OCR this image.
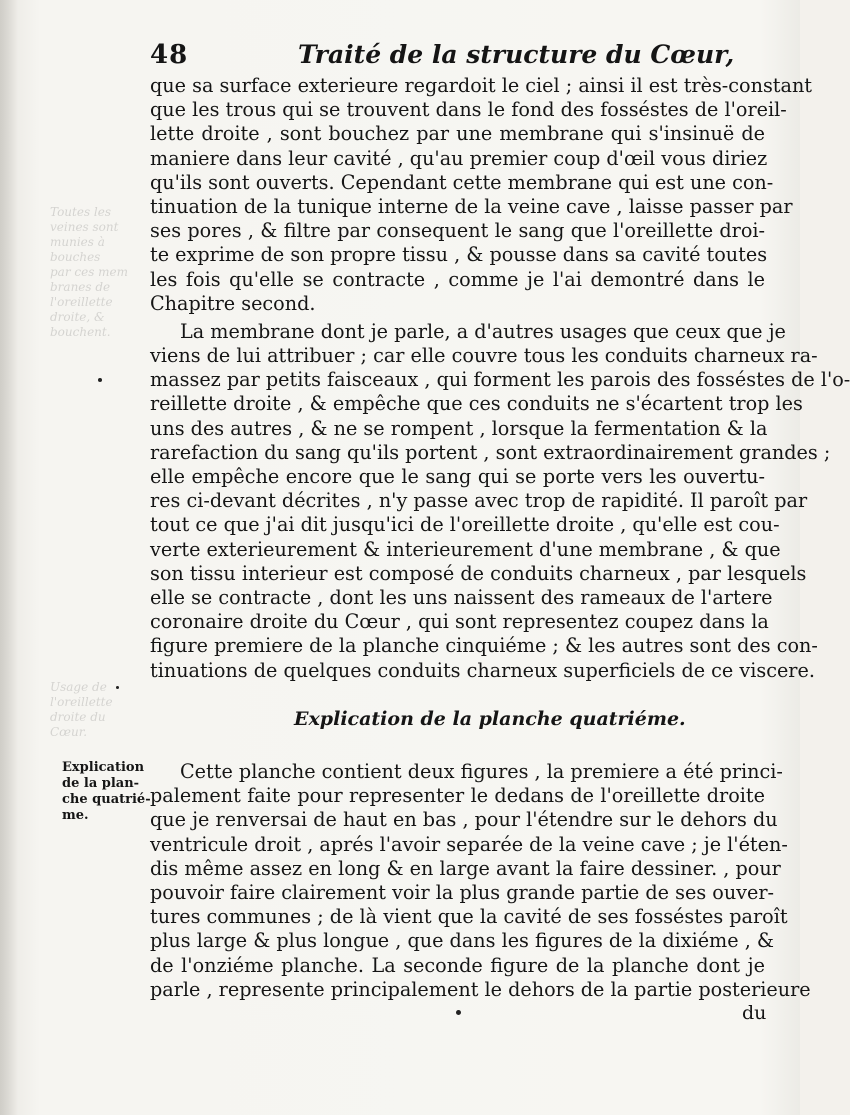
Toutes les
veines sont
munies à
bouches
par ces mem
branes de
l'oreillette
droite, &
bouchent.
Usage de
l'oreillette
droite du
Cœur.
48	Traité de la structure du Cœur,
que sa surface exterieure regardoit le ciel ; ainsi il est très-constant
que les trous qui se trouvent dans le fond des fosséstes de l'oreil-
lette droite , sont bouchez par une membrane qui s'insinuë de
maniere dans leur cavité , qu'au premier coup d'œil vous diriez
qu'ils sont ouverts. Cependant cette membrane qui est une con-
tinuation de la tunique interne de la veine cave , laisse passer par
ses pores , & filtre par consequent le sang que l'oreillette droi-
te exprime de son propre tissu , & pousse dans sa cavité toutes
les fois qu'elle se contracte , comme je l'ai demontré dans le
Chapitre second.
La membrane dont je parle, a d'autres usages que ceux que je
viens de lui attribuer ; car elle couvre tous les conduits charneux ra-
massez par petits faisceaux , qui forment les parois des fosséstes de l'o-
reillette droite , & empêche que ces conduits ne s'écartent trop les
uns des autres , & ne se rompent , lorsque la fermentation & la
rarefaction du sang qu'ils portent , sont extraordinairement grandes ;
elle empêche encore que le sang qui se porte vers les ouvertu-
res ci-devant décrites , n'y passe avec trop de rapidité. Il paroît par
tout ce que j'ai dit jusqu'ici de l'oreillette droite , qu'elle est cou-
verte exterieurement & interieurement d'une membrane , & que
son tissu interieur est composé de conduits charneux , par lesquels
elle se contracte , dont les uns naissent des rameaux de l'artere
coronaire droite du Cœur , qui sont representez coupez dans la
figure premiere de la planche cinquiéme ; & les autres sont des con-
tinuations de quelques conduits charneux superficiels de ce viscere.
Explication de la planche quatriéme.
Explication
de la plan-
che quatrié-
me.
Cette planche contient deux figures , la premiere a été princi-
palement faite pour representer le dedans de l'oreillette droite
que je renversai de haut en bas , pour l'étendre sur le dehors du
ventricule droit , aprés l'avoir separée de la veine cave ; je l'éten-
dis même assez en long & en large avant la faire dessiner. , pour
pouvoir faire clairement voir la plus grande partie de ses ouver-
tures communes ; de là vient que la cavité de ses fosséstes paroît
plus large & plus longue , que dans les figures de la dixiéme , &
de l'onziéme planche. La seconde figure de la planche dont je
parle , represente principalement le dehors de la partie posterieure
du
